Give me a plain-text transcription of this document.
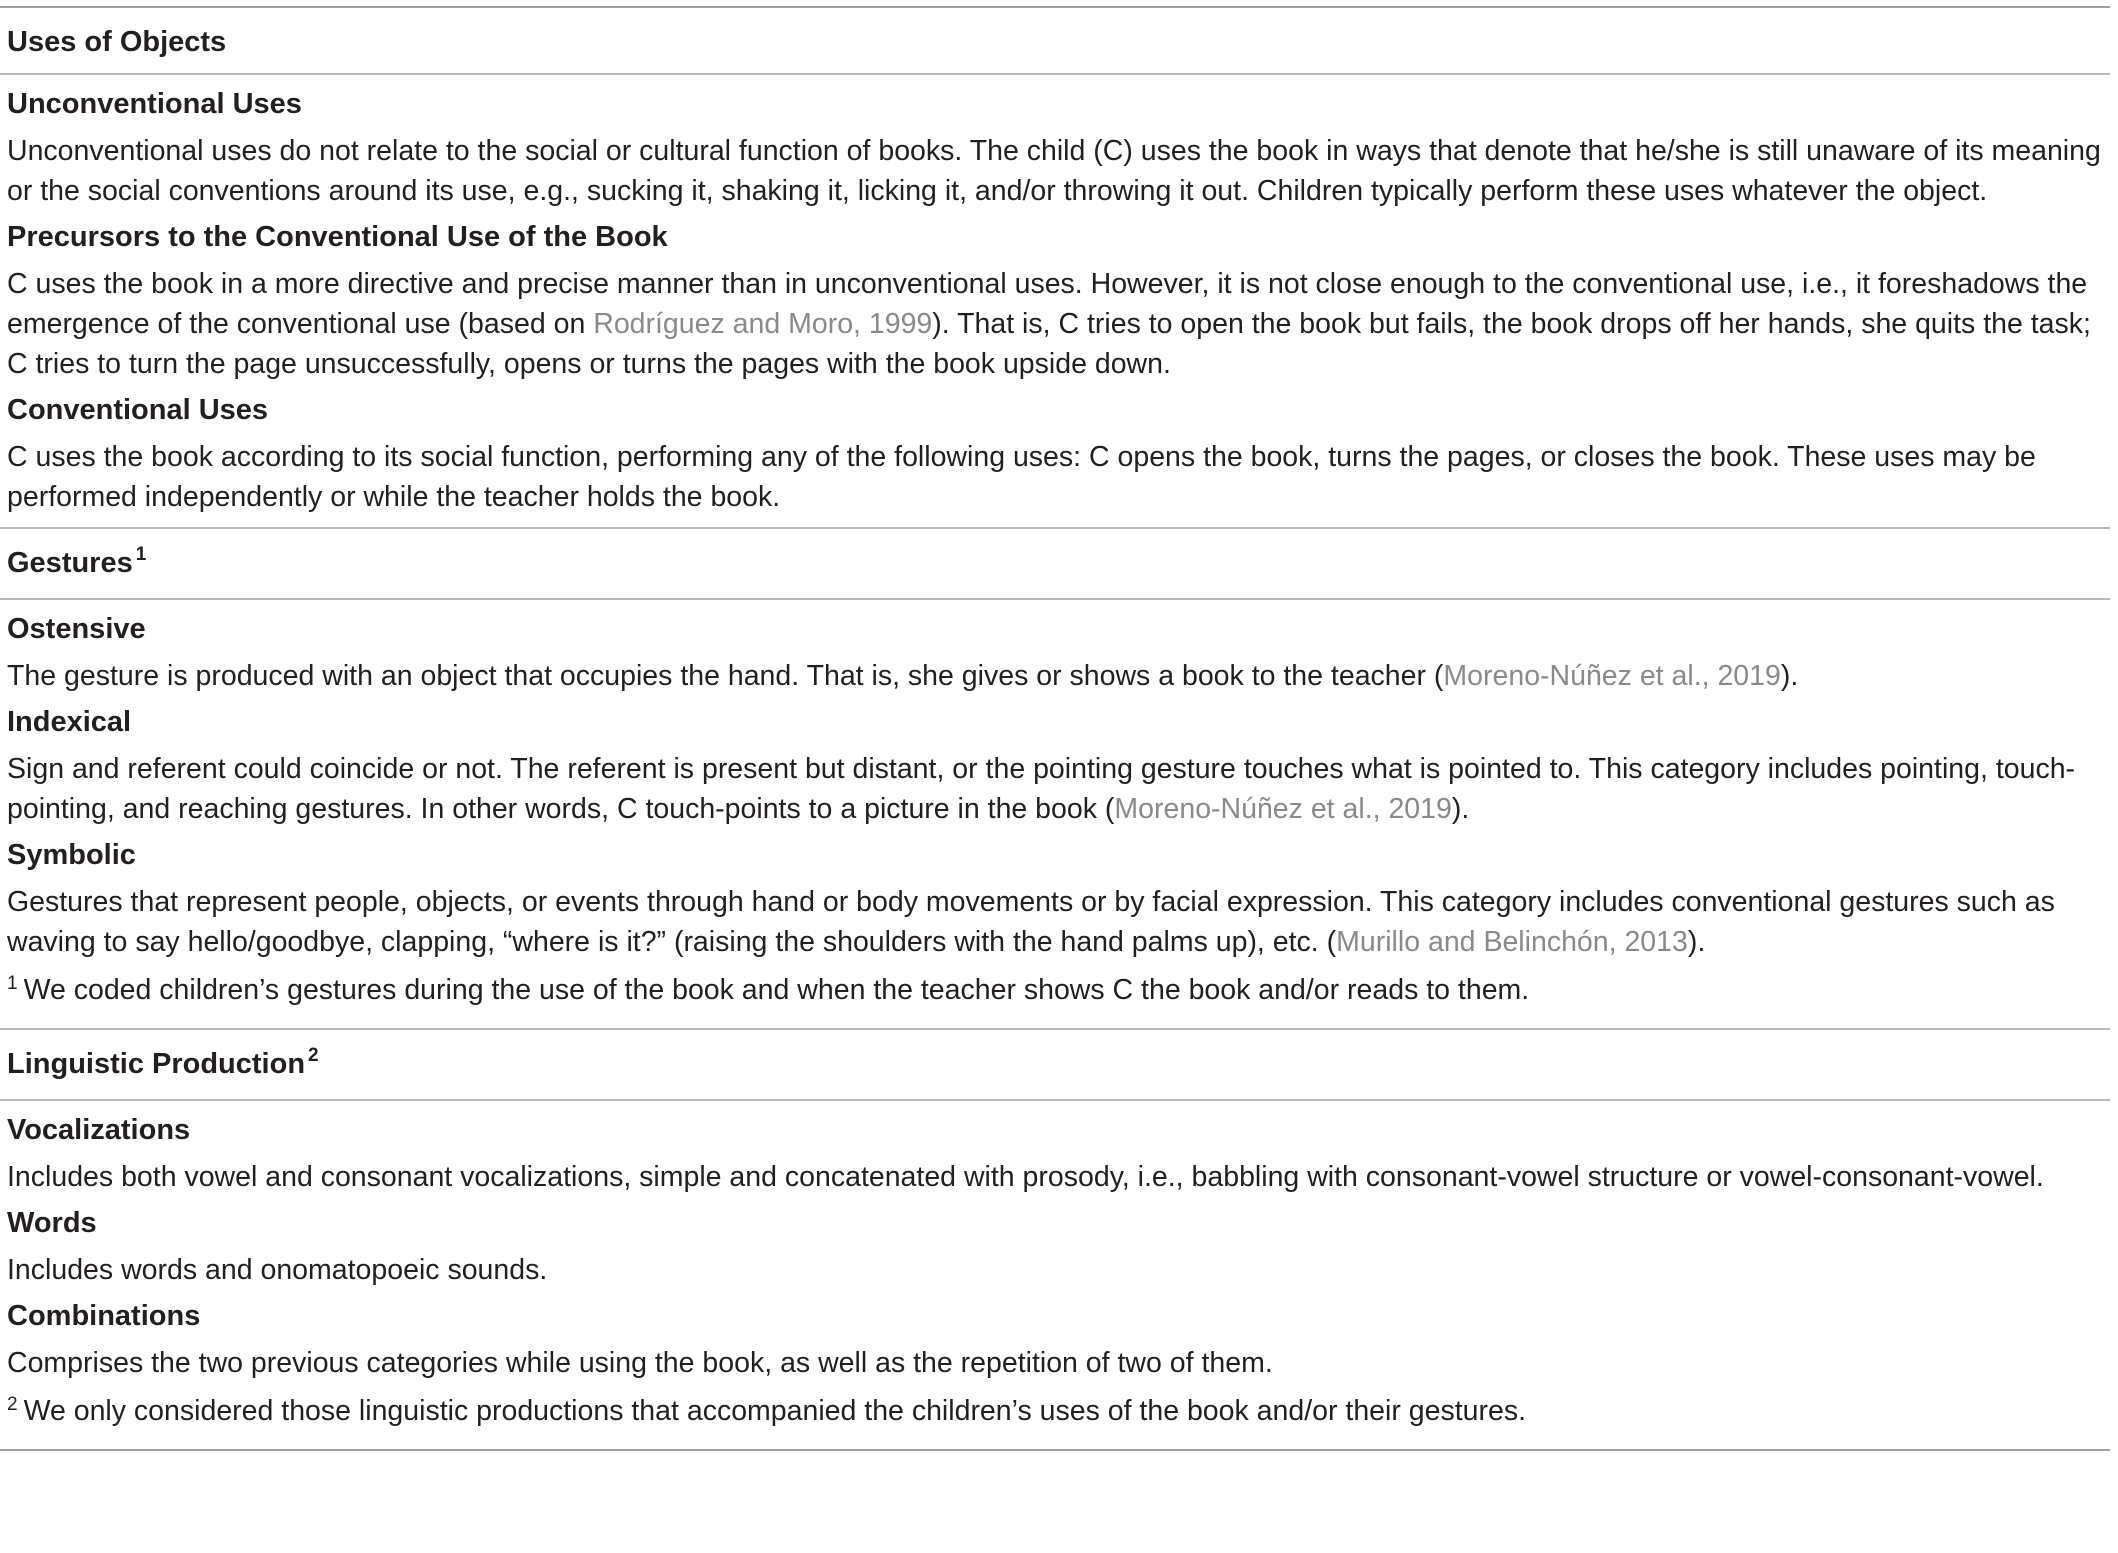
Uses of Objects
Unconventional Uses

Unconventional uses do not relate to the social or cultural function of books. The child (C) uses the book in ways that denote that he/she is still unaware of its meaning or the social conventions around its use, e.g., sucking it, shaking it, licking it, and/or throwing it out. Children typically perform these uses whatever the object.

Precursors to the Conventional Use of the Book

C uses the book in a more directive and precise manner than in unconventional uses. However, it is not close enough to the conventional use, i.e., it foreshadows the emergence of the conventional use (based on Rodríguez and Moro, 1999). That is, C tries to open the book but fails, the book drops off her hands, she quits the task; C tries to turn the page unsuccessfully, opens or turns the pages with the book upside down.

Conventional Uses

C uses the book according to its social function, performing any of the following uses: C opens the book, turns the pages, or closes the book. These uses may be performed independently or while the teacher holds the book.

Gestures $^1$
Ostensive

The gesture is produced with an object that occupies the hand. That is, she gives or shows a book to the teacher (Moreno-Núñez et al., 2019).

Indexical

Sign and referent could coincide or not. The referent is present but distant, or the pointing gesture touches what is pointed to. This category includes pointing, touch-pointing, and reaching gestures. In other words, C touch-points to a picture in the book (Moreno-Núñez et al., 2019).

Symbolic

Gestures that represent people, objects, or events through hand or body movements or by facial expression. This category includes conventional gestures such as waving to say hello/goodbye, clapping, “where is it?” (raising the shoulders with the hand palms up), etc. (Murillo and Belinchón, 2013).

$^1$ We coded children’s gestures during the use of the book and when the teacher shows C the book and/or reads to them.

Linguistic Production $^2$
Vocalizations

Includes both vowel and consonant vocalizations, simple and concatenated with prosody, i.e., babbling with consonant-vowel structure or vowel-consonant-vowel.

Words

Includes words and onomatopoeic sounds.

Combinations

Comprises the two previous categories while using the book, as well as the repetition of two of them.

$^2$ We only considered those linguistic productions that accompanied the children’s uses of the book and/or their gestures.
